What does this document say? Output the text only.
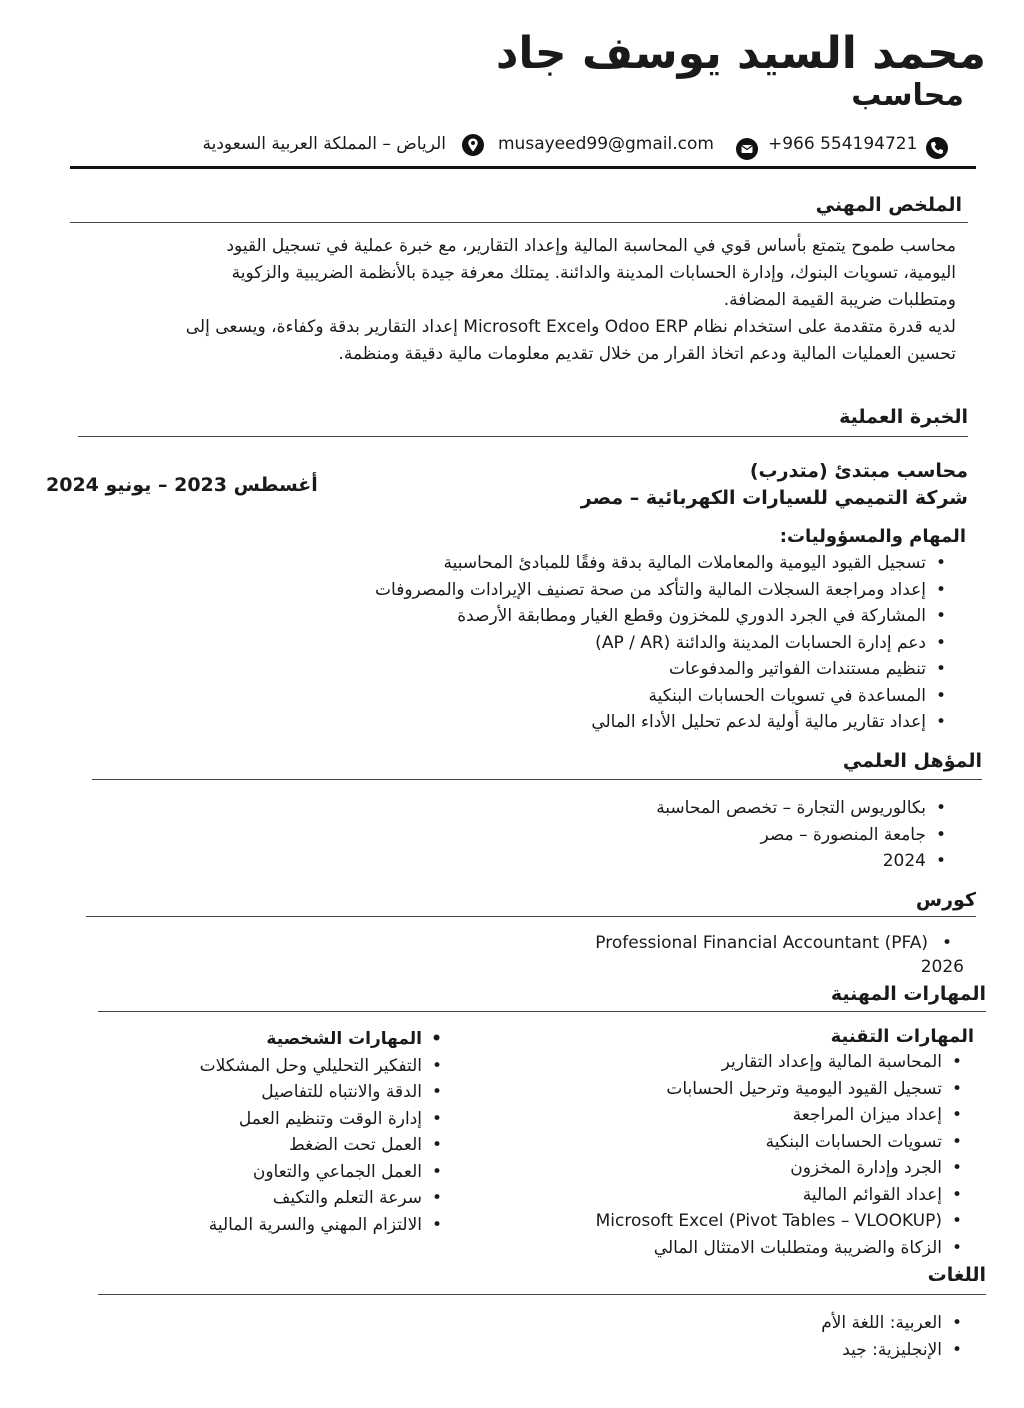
محمد السيد يوسف جاد
محاسب
+966 554194721
musayeed99@gmail.com
الرياض – المملكة العربية السعودية
الملخص المهني
محاسب طموح يتمتع بأساس قوي في المحاسبة المالية وإعداد التقارير، مع خبرة عملية في تسجيل القيود
اليومية، تسويات البنوك، وإدارة الحسابات المدينة والدائنة. يمتلك معرفة جيدة بالأنظمة الضريبية والزكوية
ومتطلبات ضريبة القيمة المضافة.
لديه قدرة متقدمة على استخدام نظام Odoo ERP وMicrosoft Excel إعداد التقارير بدقة وكفاءة، ويسعى إلى
تحسين العمليات المالية ودعم اتخاذ القرار من خلال تقديم معلومات مالية دقيقة ومنظمة.
الخبرة العملية
محاسب مبتدئ (متدرب)
شركة التميمي للسيارات الكهربائية – مصر
أغسطس 2023 – يونيو 2024
المهام والمسؤوليات:
• تسجيل القيود اليومية والمعاملات المالية بدقة وفقًا للمبادئ المحاسبية
• إعداد ومراجعة السجلات المالية والتأكد من صحة تصنيف الإيرادات والمصروفات
• المشاركة في الجرد الدوري للمخزون وقطع الغيار ومطابقة الأرصدة
• دعم إدارة الحسابات المدينة والدائنة (AP / AR)
• تنظيم مستندات الفواتير والمدفوعات
• المساعدة في تسويات الحسابات البنكية
• إعداد تقارير مالية أولية لدعم تحليل الأداء المالي
المؤهل العلمي
• بكالوريوس التجارة – تخصص المحاسبة
• جامعة المنصورة – مصر
• 2024
كورس
Professional Financial Accountant (PFA) •
2026
المهارات المهنية
المهارات التقنية
• المحاسبة المالية وإعداد التقارير
• تسجيل القيود اليومية وترحيل الحسابات
• إعداد ميزان المراجعة
• تسويات الحسابات البنكية
• الجرد وإدارة المخزون
• إعداد القوائم المالية
• Microsoft Excel (Pivot Tables – VLOOKUP)
• الزكاة والضريبة ومتطلبات الامتثال المالي
• المهارات الشخصية
• التفكير التحليلي وحل المشكلات
• الدقة والانتباه للتفاصيل
• إدارة الوقت وتنظيم العمل
• العمل تحت الضغط
• العمل الجماعي والتعاون
• سرعة التعلم والتكيف
• الالتزام المهني والسرية المالية
اللغات
• العربية: اللغة الأم
• الإنجليزية: جيد
